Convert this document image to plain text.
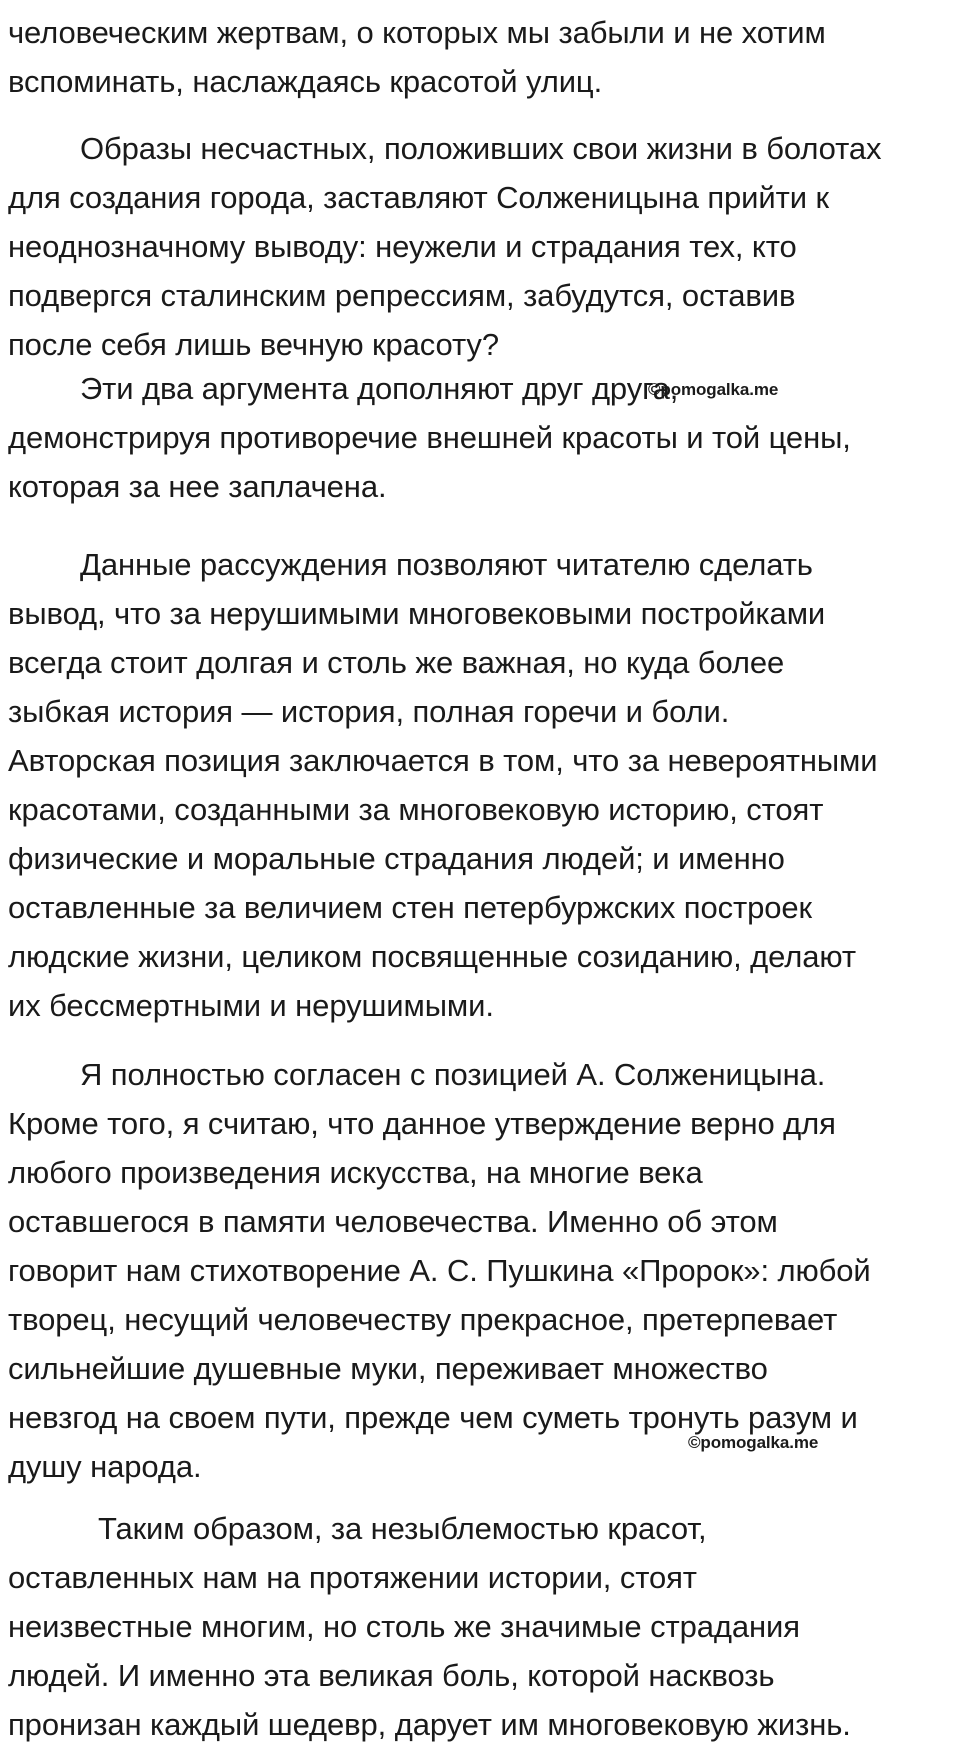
человеческим жертвам, о которых мы забыли и не хотим
вспоминать, наслаждаясь красотой улиц.
Образы несчастных, положивших свои жизни в болотах
для создания города, заставляют Солженицына прийти к
неоднозначному выводу: неужели и страдания тех, кто
подвергся сталинским репрессиям, забудутся, оставив
после себя лишь вечную красоту?
Эти два аргумента дополняют друг друга,
демонстрируя противоречие внешней красоты и той цены,
которая за нее заплачена.
Данные рассуждения позволяют читателю сделать
вывод, что за нерушимыми многовековыми постройками
всегда стоит долгая и столь же важная, но куда более
зыбкая история — история, полная горечи и боли.
Авторская позиция заключается в том, что за невероятными
красотами, созданными за многовековую историю, стоят
физические и моральные страдания людей; и именно
оставленные за величием стен петербуржских построек
людские жизни, целиком посвященные созиданию, делают
их бессмертными и нерушимыми.
Я полностью согласен с позицией А. Солженицына.
Кроме того, я считаю, что данное утверждение верно для
любого произведения искусства, на многие века
оставшегося в памяти человечества. Именно об этом
говорит нам стихотворение А. С. Пушкина «Пророк»: любой
творец, несущий человечеству прекрасное, претерпевает
сильнейшие душевные муки, переживает множество
невзгод на своем пути, прежде чем суметь тронуть разум и
душу народа.
Таким образом, за незыблемостью красот,
оставленных нам на протяжении истории, стоят
неизвестные многим, но столь же значимые страдания
людей. И именно эта великая боль, которой насквозь
пронизан каждый шедевр, дарует им многовековую жизнь.
©pomogalka.me
©pomogalka.me
